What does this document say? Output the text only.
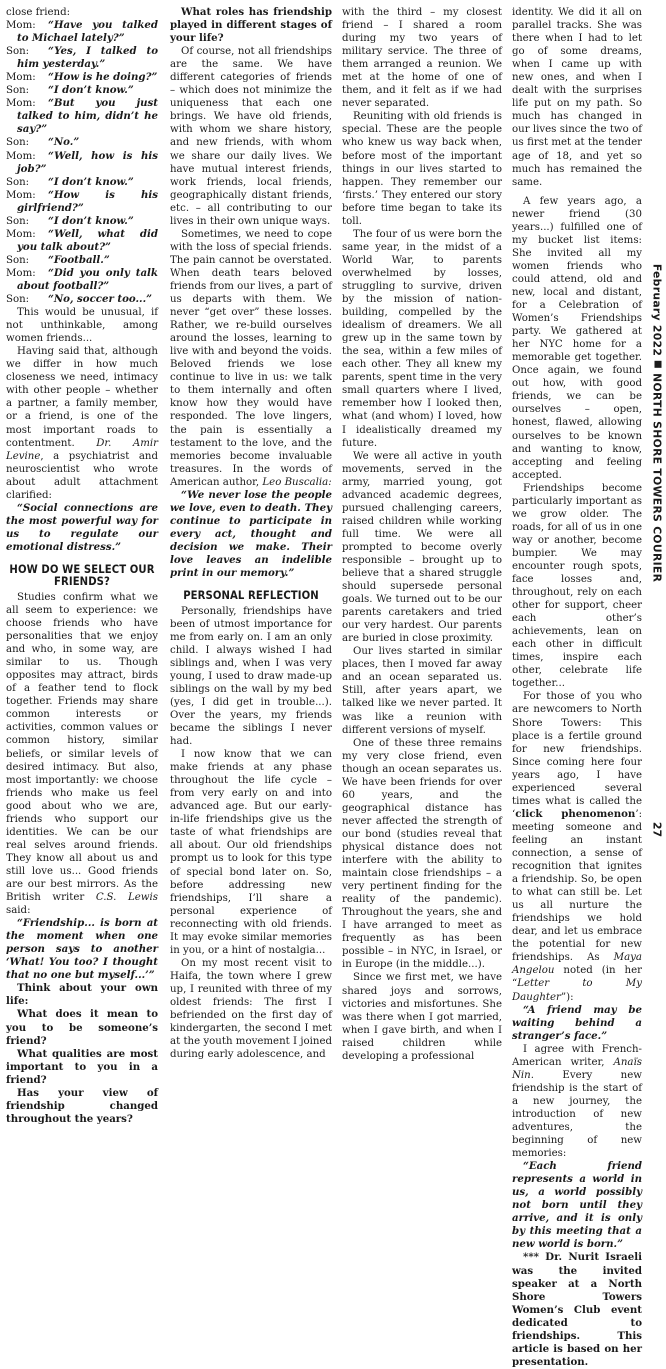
close friend:

Mom: “Have you talked to Michael lately?”

Son: “Yes, I talked to him yesterday.”

Mom: “How is he doing?”

Son: “I don’t know.”

Mom: “But you just talked to him, didn’t he say?”

Son: “No.”

Mom: “Well, how is his job?”

Son: “I don’t know.”

Mom: “How is his girlfriend?”

Son: “I don’t know.”

Mom: “Well, what did you talk about?”

Son: “Football.”

Mom: “Did you only talk about football?”

Son: “No, soccer too...”

This would be unusual, if not unthinkable, among women friends...

Having said that, although we differ in how much closeness we need, intimacy with other people – whether a partner, a family member, or a friend, is one of the most important roads to contentment. Dr. Amir Levine, a psychiatrist and neuroscientist who wrote about adult attachment clarified:

“Social connections are the most powerful way for us to regulate our emotional distress.”

HOW DO WE SELECT OUR FRIENDS?

Studies confirm what we all seem to experience: we choose friends who have personalities that we enjoy and who, in some way, are similar to us. Though opposites may attract, birds of a feather tend to flock together. Friends may share common interests or activities, common values or common history, similar beliefs, or similar levels of desired intimacy. But also, most importantly: we choose friends who make us feel good about who we are, friends who support our identities. We can be our real selves around friends. They know all about us and still love us... Good friends are our best mirrors. As the British writer C.S. Lewis said:

“Friendship... is born at the moment when one person says to another ‘What! You too? I thought that no one but myself...’”

Think about your own life:

What does it mean to you to be someone’s friend?

What qualities are most important to you in a friend?

Has your view of friendship changed throughout the years?

What roles has friendship played in different stages of your life?

Of course, not all friendships are the same. We have different categories of friends – which does not minimize the uniqueness that each one brings. We have old friends, with whom we share history, and new friends, with whom we share our daily lives. We have mutual interest friends, work friends, local friends, geographically distant friends, etc. – all contributing to our lives in their own unique ways.

Sometimes, we need to cope with the loss of special friends. The pain cannot be overstated. When death tears beloved friends from our lives, a part of us departs with them. We never “get over” these losses. Rather, we re-build ourselves around the losses, learning to live with and beyond the voids. Beloved friends we lose continue to live in us: we talk to them internally and often know how they would have responded. The love lingers, the pain is essentially a testament to the love, and the memories become invaluable treasures. In the words of American author, Leo Buscalia:

“We never lose the people we love, even to death. They continue to participate in every act, thought and decision we make. Their love leaves an indelible print in our memory.”

PERSONAL REFLECTION

Personally, friendships have been of utmost importance for me from early on. I am an only child. I always wished I had siblings and, when I was very young, I used to draw made-up siblings on the wall by my bed (yes, I did get in trouble...). Over the years, my friends became the siblings I never had.

I now know that we can make friends at any phase throughout the life cycle – from very early on and into advanced age. But our early-in-life friendships give us the taste of what friendships are all about. Our old friendships prompt us to look for this type of special bond later on. So, before addressing new friendships, I’ll share a personal experience of reconnecting with old friends. It may evoke similar memories in you, or a hint of nostalgia...

On my most recent visit to Haifa, the town where I grew up, I reunited with three of my oldest friends: The first I befriended on the first day of kindergarten, the second I met at the youth movement I joined during early adolescence, and

with the third – my closest friend – I shared a room during my two years of military service. The three of them arranged a reunion. We met at the home of one of them, and it felt as if we had never separated.

Reuniting with old friends is special. These are the people who knew us way back when, before most of the important things in our lives started to happen. They remember our ‘firsts.’ They entered our story before time began to take its toll.

The four of us were born the same year, in the midst of a World War, to parents overwhelmed by losses, struggling to survive, driven by the mission of nation-building, compelled by the idealism of dreamers. We all grew up in the same town by the sea, within a few miles of each other. They all knew my parents, spent time in the very small quarters where I lived, remember how I looked then, what (and whom) I loved, how I idealistically dreamed my future.

We were all active in youth movements, served in the army, married young, got advanced academic degrees, pursued challenging careers, raised children while working full time. We were all prompted to become overly responsible – brought up to believe that a shared struggle should supersede personal goals. We turned out to be our parents caretakers and tried our very hardest. Our parents are buried in close proximity.

Our lives started in similar places, then I moved far away and an ocean separated us. Still, after years apart, we talked like we never parted. It was like a reunion with different versions of myself.

One of these three remains my very close friend, even though an ocean separates us. We have been friends for over 60 years, and the geographical distance has never affected the strength of our bond (studies reveal that physical distance does not interfere with the ability to maintain close friendships – a very pertinent finding for the reality of the pandemic). Throughout the years, she and I have arranged to meet as frequently as has been possible – in NYC, in Israel, or in Europe (in the middle...).

Since we first met, we have shared joys and sorrows, victories and misfortunes. She was there when I got married, when I gave birth, and when I raised children while developing a professional

identity. We did it all on parallel tracks. She was there when I had to let go of some dreams, when I came up with new ones, and when I dealt with the surprises life put on my path. So much has changed in our lives since the two of us first met at the tender age of 18, and yet so much has remained the same.

A few years ago, a newer friend (30 years...) fulfilled one of my bucket list items: She invited all my women friends who could attend, old and new, local and distant, for a Celebration of Women’s Friendships party. We gathered at her NYC home for a memorable get together. Once again, we found out how, with good friends, we can be ourselves – open, honest, flawed, allowing ourselves to be known and wanting to know, accepting and feeling accepted.

Friendships become particularly important as we grow older. The roads, for all of us in one way or another, become bumpier. We may encounter rough spots, face losses and, throughout, rely on each other for support, cheer each other’s achievements, lean on each other in difficult times, inspire each other, celebrate life together...

For those of you who are newcomers to North Shore Towers: This place is a fertile ground for new friendships. Since coming here four years ago, I have experienced several times what is called the ‘click phenomenon’: meeting someone and feeling an instant connection, a sense of recognition that ignites a friendship. So, be open to what can still be. Let us all nurture the friendships we hold dear, and let us embrace the potential for new friendships. As Maya Angelou noted (in her “Letter to My Daughter”):

“A friend may be waiting behind a stranger’s face.”

I agree with French-American writer, Anaïs Nin. Every new friendship is the start of a new journey, the introduction of new adventures, the beginning of new memories:

“Each friend represents a world in us, a world possibly not born until they arrive, and it is only by this meeting that a new world is born.”

*** Dr. Nurit Israeli was the invited speaker at a North Shore Towers Women’s Club event dedicated to friendships. This article is based on her presentation.

February 2022NORTH SHORE TOWERS COURIER
27
